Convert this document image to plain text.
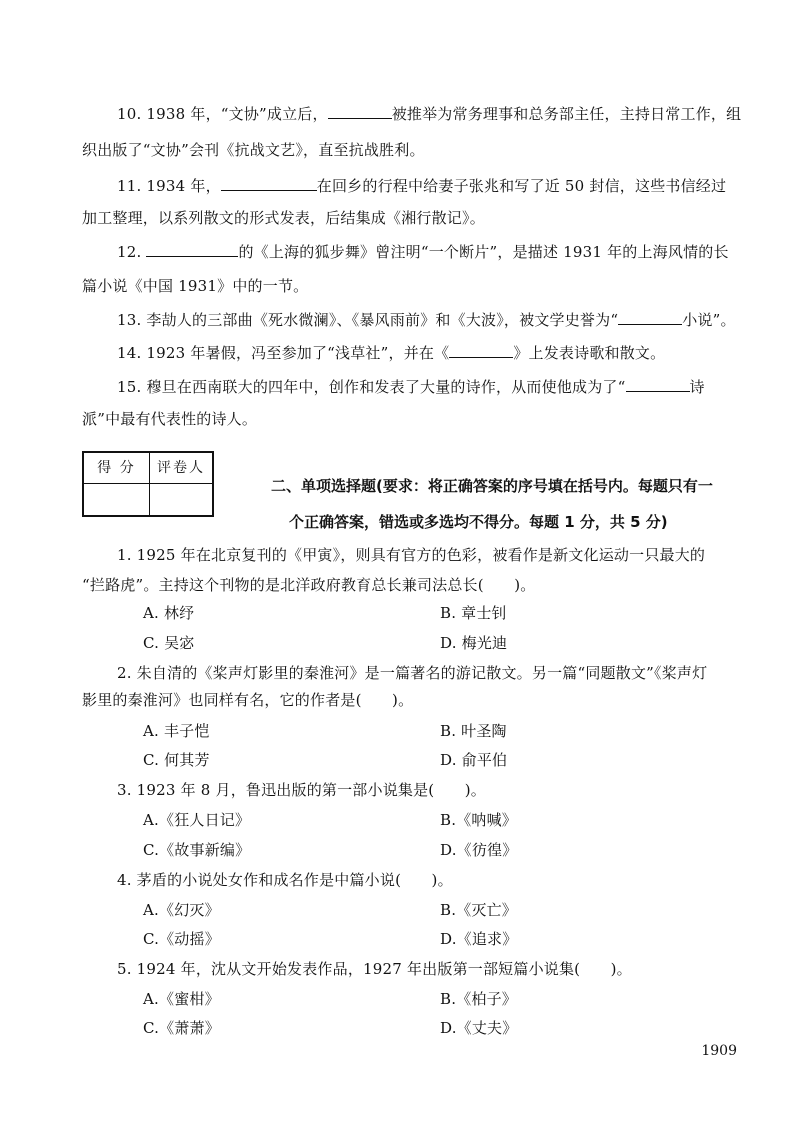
10. 1938 年，“文协”成立后，	被推举为常务理事和总务部主任，主持日常工作，组
织出版了“文协”会刊《抗战文艺》，直至抗战胜利。
11. 1934 年，	在回乡的行程中给妻子张兆和写了近 50 封信，这些书信经过
加工整理，以系列散文的形式发表，后结集成《湘行散记》。
12.	的《上海的狐步舞》曾注明“一个断片”，是描述 1931 年的上海风情的长
篇小说《中国 1931》中的一节。
13. 李劼人的三部曲《死水微澜》、《暴风雨前》和《大波》，被文学史誉为“	小说”。
14. 1923 年暑假，冯至参加了“浅草社”，并在《	》上发表诗歌和散文。
15. 穆旦在西南联大的四年中，创作和发表了大量的诗作，从而使他成为了“	诗
派”中最有代表性的诗人。
得 分	评卷人
二、单项选择题(要求：将正确答案的序号填在括号内。每题只有一
个正确答案，错选或多选均不得分。每题 1 分，共 5 分)
1. 1925 年在北京复刊的《甲寅》，则具有官方的色彩，被看作是新文化运动一只最大的
“拦路虎”。主持这个刊物的是北洋政府教育总长兼司法总长(　　)。
A. 林纾	B. 章士钊
C. 吴宓	D. 梅光迪
2. 朱自清的《桨声灯影里的秦淮河》是一篇著名的游记散文。另一篇“同题散文”《桨声灯
影里的秦淮河》也同样有名，它的作者是(　　)。
A. 丰子恺	B. 叶圣陶
C. 何其芳	D. 俞平伯
3. 1923 年 8 月，鲁迅出版的第一部小说集是(　　)。
A.《狂人日记》	B.《呐喊》
C.《故事新编》	D.《彷徨》
4. 茅盾的小说处女作和成名作是中篇小说(　　)。
A.《幻灭》	B.《灭亡》
C.《动摇》	D.《追求》
5. 1924 年，沈从文开始发表作品，1927 年出版第一部短篇小说集(　　)。
A.《蜜柑》	B.《柏子》
C.《萧萧》	D.《丈夫》
1909
